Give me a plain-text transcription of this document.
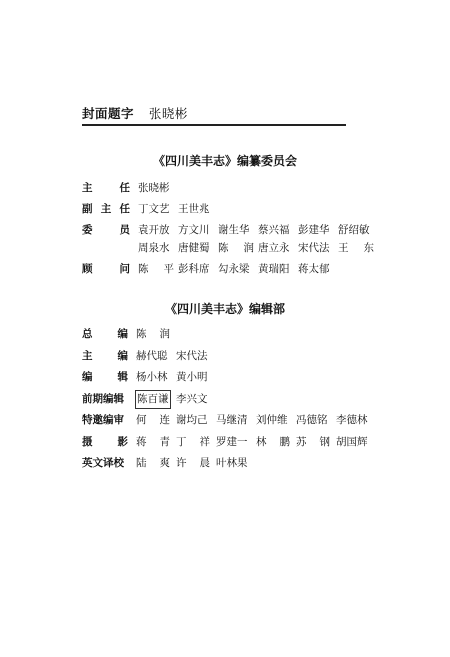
封面题字 张晓彬
《四川美丰志》编纂委员会
主	任 张晓彬
副 主 任 丁文艺 王世兆
委	员 袁开放 方文川 谢生华 蔡兴福 彭建华 舒绍敏
周泉水 唐健蜀 陈 润 唐立永 宋代法 王 东
顾	问 陈 平 彭科席 勾永梁 黄瑞阳 蒋太郁
《四川美丰志》编辑部
总 编 陈 润
主 编 赫代聪 宋代法
编 辑 杨小林 黄小明
前期编辑 陈百谦 李兴文
特邀编审 何 连 谢均己 马继清 刘仲维 冯德铭 李德林
摄 影 蒋 青 丁 祥 罗建一 林 鹏 苏 钢 胡国辉
英文译校 陆 爽 许 晨 叶林果
